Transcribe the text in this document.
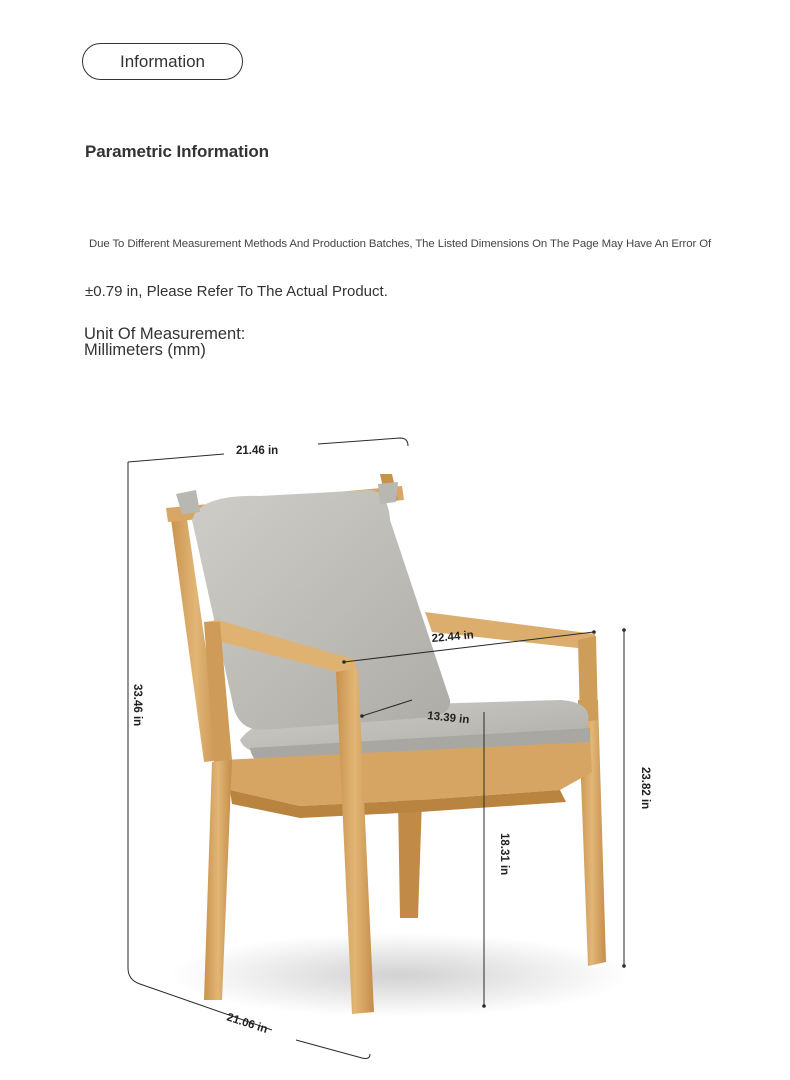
Information
Parametric Information
Due To Different Measurement Methods And Production Batches, The Listed Dimensions On The Page May Have An Error Of
±0.79 in, Please Refer To The Actual Product.
Unit Of Measurement:
Millimeters (mm)
21.46 in
33.46 in
22.44 in
13.39 in
23.82 in
18.31 in
21.06 in
